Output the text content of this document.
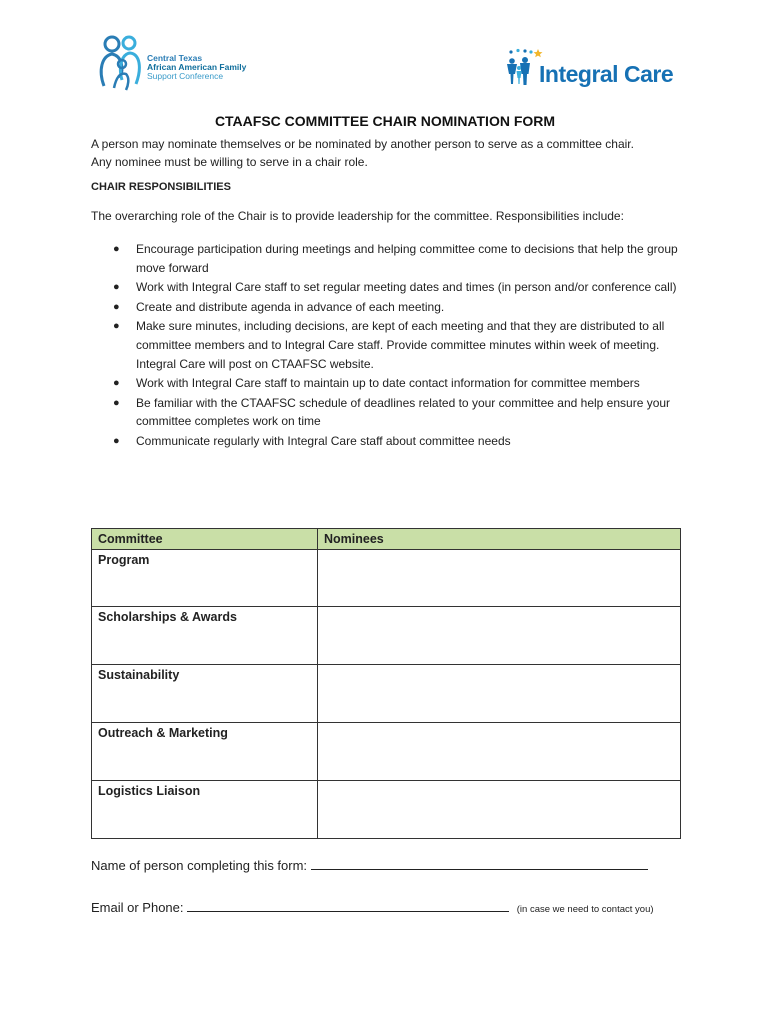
Central Texas
African American Family
Support Conference	Integral Care
CTAAFSC COMMITTEE CHAIR NOMINATION FORM

A person may nominate themselves or be nominated by another person to serve as a committee chair.

Any nominee must be willing to serve in a chair role.

CHAIR RESPONSIBILITIES
The overarching role of the Chair is to provide leadership for the committee. Responsibilities include:
● Encourage participation during meetings and helping committee come to decisions that help the group move forward
● Work with Integral Care staff to set regular meeting dates and times (in person and/or conference call)
● Create and distribute agenda in advance of each meeting.
● Make sure minutes, including decisions, are kept of each meeting and that they are distributed to all committee members and to Integral Care staff. Provide committee minutes within week of meeting. Integral Care will post on CTAAFSC website.
● Work with Integral Care staff to maintain up to date contact information for committee members
● Be familiar with the CTAAFSC schedule of deadlines related to your committee and help ensure your committee completes work on time
● Communicate regularly with Integral Care staff about committee needs
Committee	Nominees
Program	
Scholarships & Awards	
Sustainability	
Outreach & Marketing	
Logistics Liaison	
Name of person completing this form:
Email or Phone:	(in case we need to contact you)
